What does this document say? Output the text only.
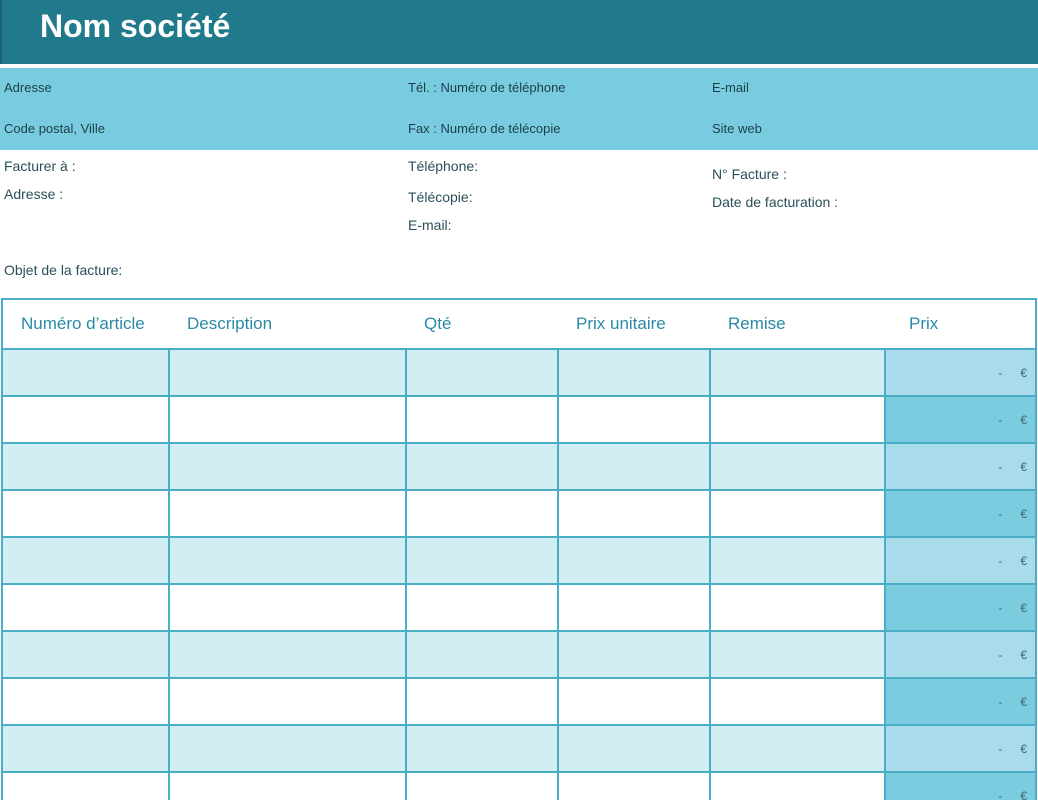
Nom société
Adresse
Code postal, Ville
Tél. : Numéro de téléphone
Fax : Numéro de télécopie
E-mail
Site web
Facturer à :
Adresse :
Téléphone:
Télécopie:
E-mail:
N° Facture :
Date de facturation :
Objet de la facture:
Numéro d’article	Description	Qté	Prix unitaire	Remise	Prix
					- €
					- €
					- €
					- €
					- €
					- €
					- €
					- €
					- €
					- €
